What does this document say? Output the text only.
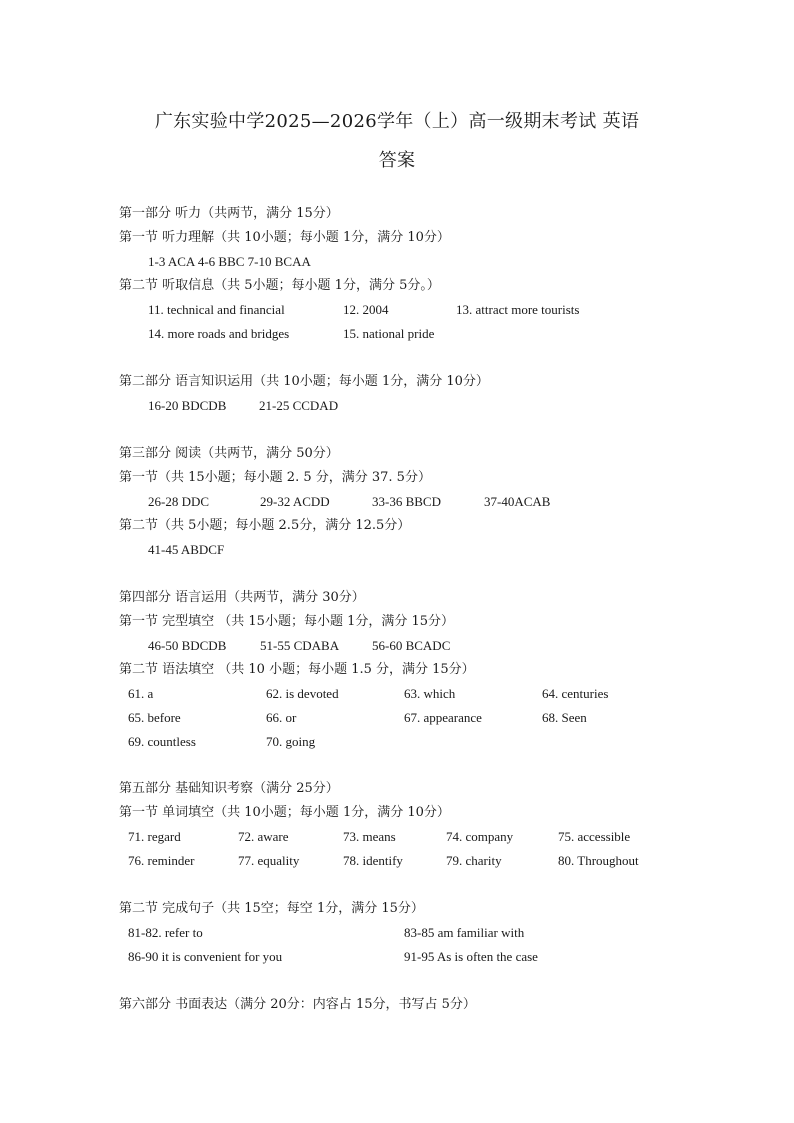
广东实验中学2025—2026学年（上）高一级期末考试 英语
答案
第一部分 听力（共两节，满分 15分）
第一节 听力理解（共 10小题；每小题 1分，满分 10分）
1-3 ACA 4-6 BBC 7-10 BCAA
第二节 听取信息（共 5小题；每小题 1分，满分 5分。）
11. technical and financial	12. 2004	13. attract more tourists
14. more roads and bridges	15. national pride
第二部分 语言知识运用（共 10小题；每小题 1分，满分 10分）
16-20 BDCDB	21-25 CCDAD
第三部分 阅读（共两节，满分 50分）
第一节（共 15小题；每小题 2. 5 分，满分 37. 5分）
26-28 DDC	29-32 ACDD	33-36 BBCD	37-40ACAB
第二节（共 5小题；每小题 2.5分，满分 12.5分）
41-45 ABDCF
第四部分 语言运用（共两节，满分 30分）
第一节 完型填空 （共 15小题；每小题 1分，满分 15分）
46-50 BDCDB	51-55 CDABA	56-60 BCADC
第二节 语法填空 （共 10 小题；每小题 1.5 分，满分 15分）
61. a	62. is devoted	63. which	64. centuries
65. before	66. or	67. appearance	68. Seen
69. countless	70. going
第五部分 基础知识考察（满分 25分）
第一节 单词填空（共 10小题；每小题 1分，满分 10分）
71. regard	72. aware	73. means	74. company	75. accessible
76. reminder	77. equality	78. identify	79. charity	80. Throughout
第二节 完成句子（共 15空；每空 1分，满分 15分）
81-82. refer to	83-85 am familiar with
86-90 it is convenient for you	91-95 As is often the case
第六部分 书面表达（满分 20分：内容占 15分，书写占 5分）
